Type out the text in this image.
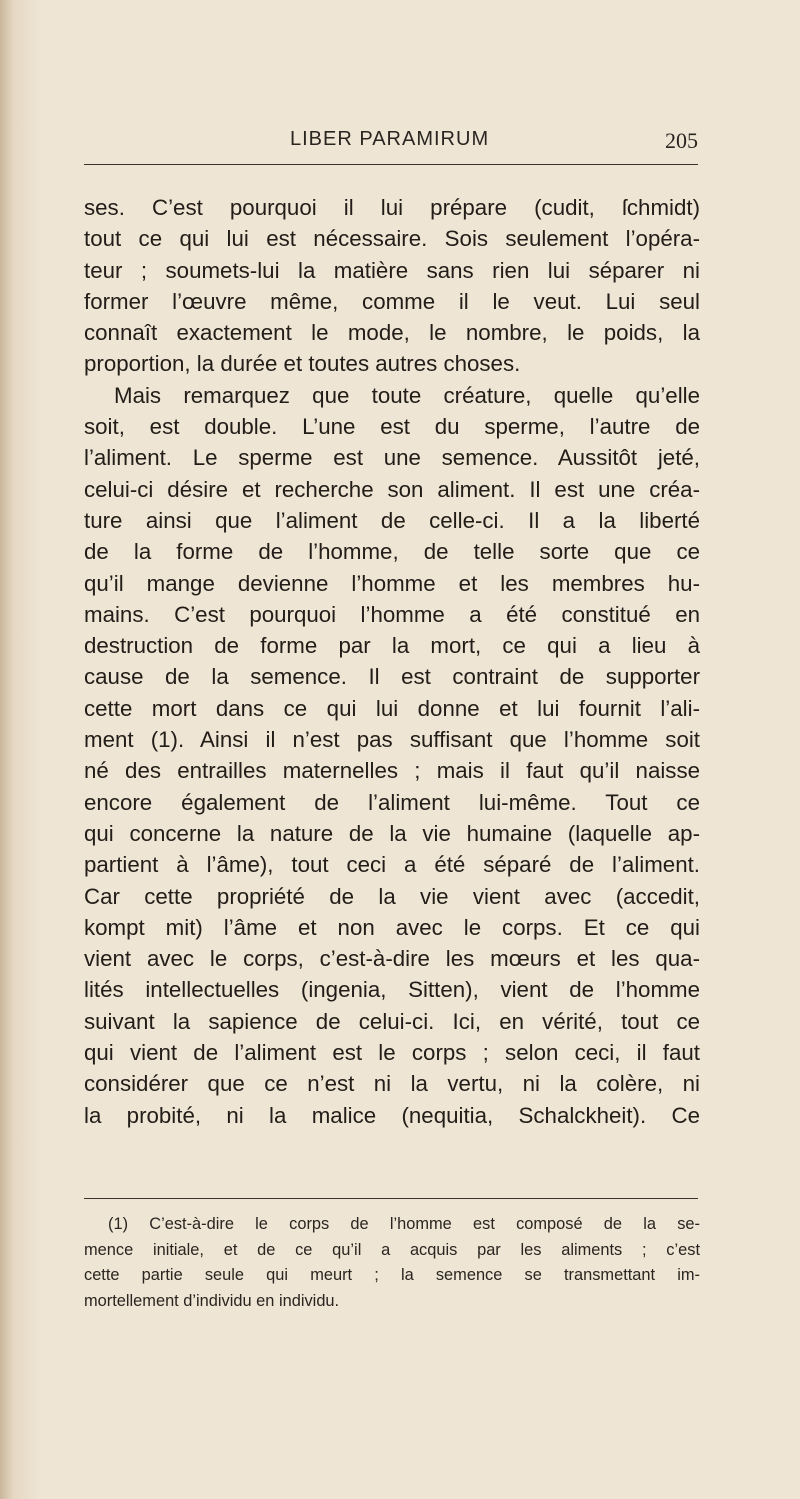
LIBER PARAMIRUM	205
ses. C’est pourquoi il lui prépare (cudit, ſchmidt)
tout ce qui lui est nécessaire. Sois seulement l’opéra-
teur ; soumets-lui la matière sans rien lui séparer ni
former l’œuvre même, comme il le veut. Lui seul
connaît exactement le mode, le nombre, le poids, la
proportion, la durée et toutes autres choses.
Mais remarquez que toute créature, quelle qu’elle
soit, est double. L’une est du sperme, l’autre de
l’aliment. Le sperme est une semence. Aussitôt jeté,
celui-ci désire et recherche son aliment. Il est une créa-
ture ainsi que l’aliment de celle-ci. Il a la liberté
de la forme de l’homme, de telle sorte que ce
qu’il mange devienne l’homme et les membres hu-
mains. C’est pourquoi l’homme a été constitué en
destruction de forme par la mort, ce qui a lieu à
cause de la semence. Il est contraint de supporter
cette mort dans ce qui lui donne et lui fournit l’ali-
ment (1). Ainsi il n’est pas suffisant que l’homme soit
né des entrailles maternelles ; mais il faut qu’il naisse
encore également de l’aliment lui-même. Tout ce
qui concerne la nature de la vie humaine (laquelle ap-
partient à l’âme), tout ceci a été séparé de l’aliment.
Car cette propriété de la vie vient avec (accedit,
kompt mit) l’âme et non avec le corps. Et ce qui
vient avec le corps, c’est-à-dire les mœurs et les qua-
lités intellectuelles (ingenia, Sitten), vient de l’homme
suivant la sapience de celui-ci. Ici, en vérité, tout ce
qui vient de l’aliment est le corps ; selon ceci, il faut
considérer que ce n’est ni la vertu, ni la colère, ni
la probité, ni la malice (nequitia, Schalckheit). Ce
(1) C’est-à-dire le corps de l’homme est composé de la se-
mence initiale, et de ce qu’il a acquis par les aliments ; c’est
cette partie seule qui meurt ; la semence se transmettant im-
mortellement d’individu en individu.
